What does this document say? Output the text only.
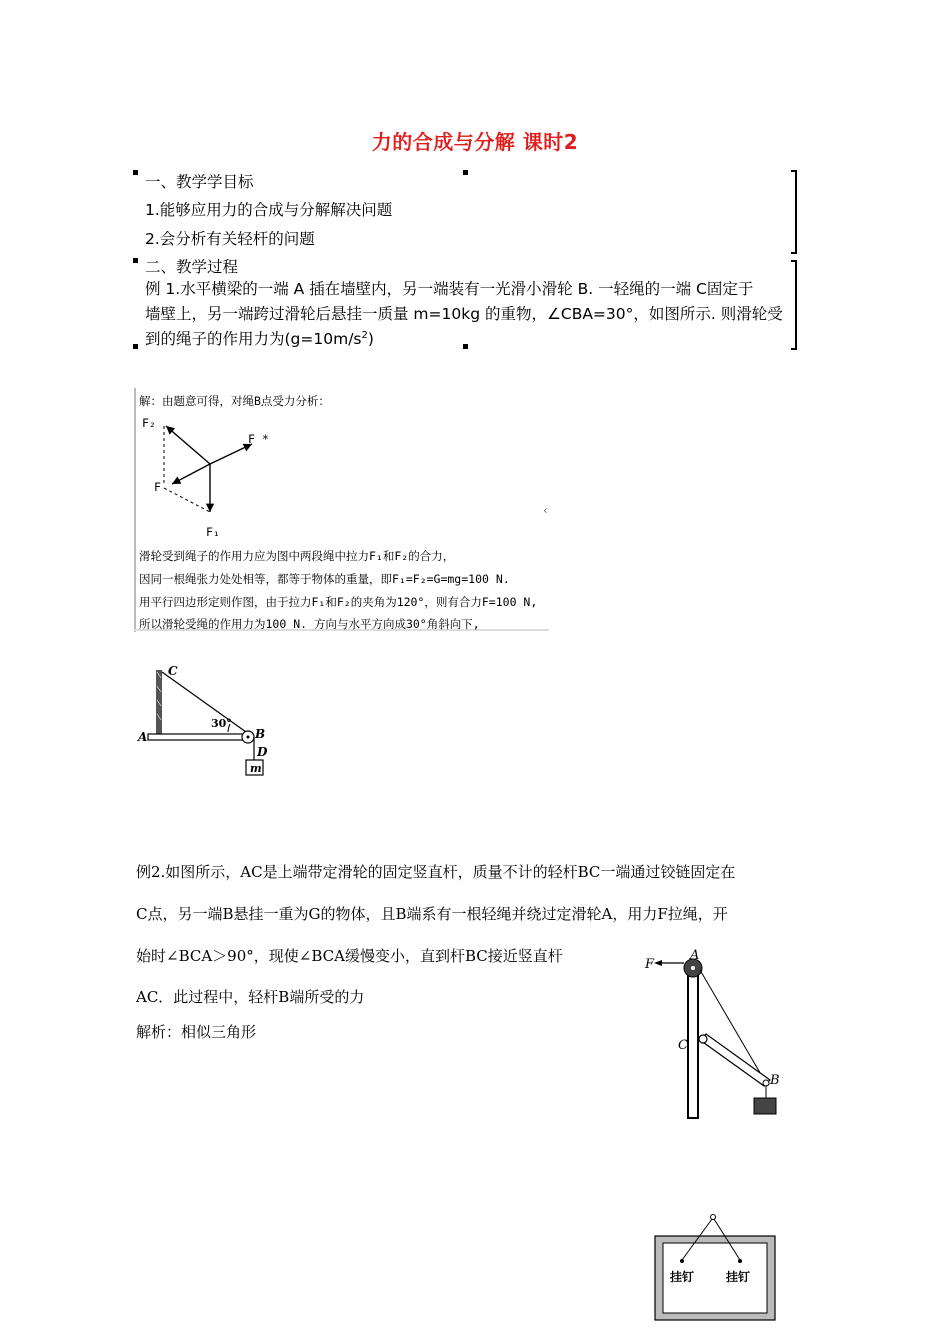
力的合成与分解 课时2
一、教学学目标
1.能够应用力的合成与分解解决问题
2.会分析有关轻杆的问题
二、教学过程
例 1.水平横梁的一端 A 插在墙壁内，另一端装有一光滑小滑轮 B. 一轻绳的一端 C固定于
墙壁上，另一端跨过滑轮后悬挂一质量 m=10kg 的重物，∠CBA=30°，如图所示. 则滑轮受
到的绳子的作用力为$(g=10m/s^2)$
解：由题意可得，对绳B点受力分析：
F₂
F *
F
F₁
滑轮受到绳子的作用力应为图中两段绳中拉力F₁和F₂的合力，
因同一根绳张力处处相等，都等于物体的重量，即F₁=F₂=G=mg=100 N.
用平行四边形定则作图，由于拉力F₁和F₂的夹角为120°，则有合力F=100 N,
所以滑轮受绳的作用力为100 N. 方向与水平方向成30°角斜向下,
‹
C
A	B
D
m
30°
例2.如图所示，AC是上端带定滑轮的固定竖直杆，质量不计的轻杆BC一端通过铰链固定在
C点，另一端B悬挂一重为G的物体，且B端系有一根轻绳并绕过定滑轮A，用力F拉绳，开
始时∠BCA＞90°，现使∠BCA缓慢变小，直到杆BC接近竖直杆
AC．此过程中，轻杆B端所受的力
解析：相似三角形
F
A
C
B
挂钉	挂钉
